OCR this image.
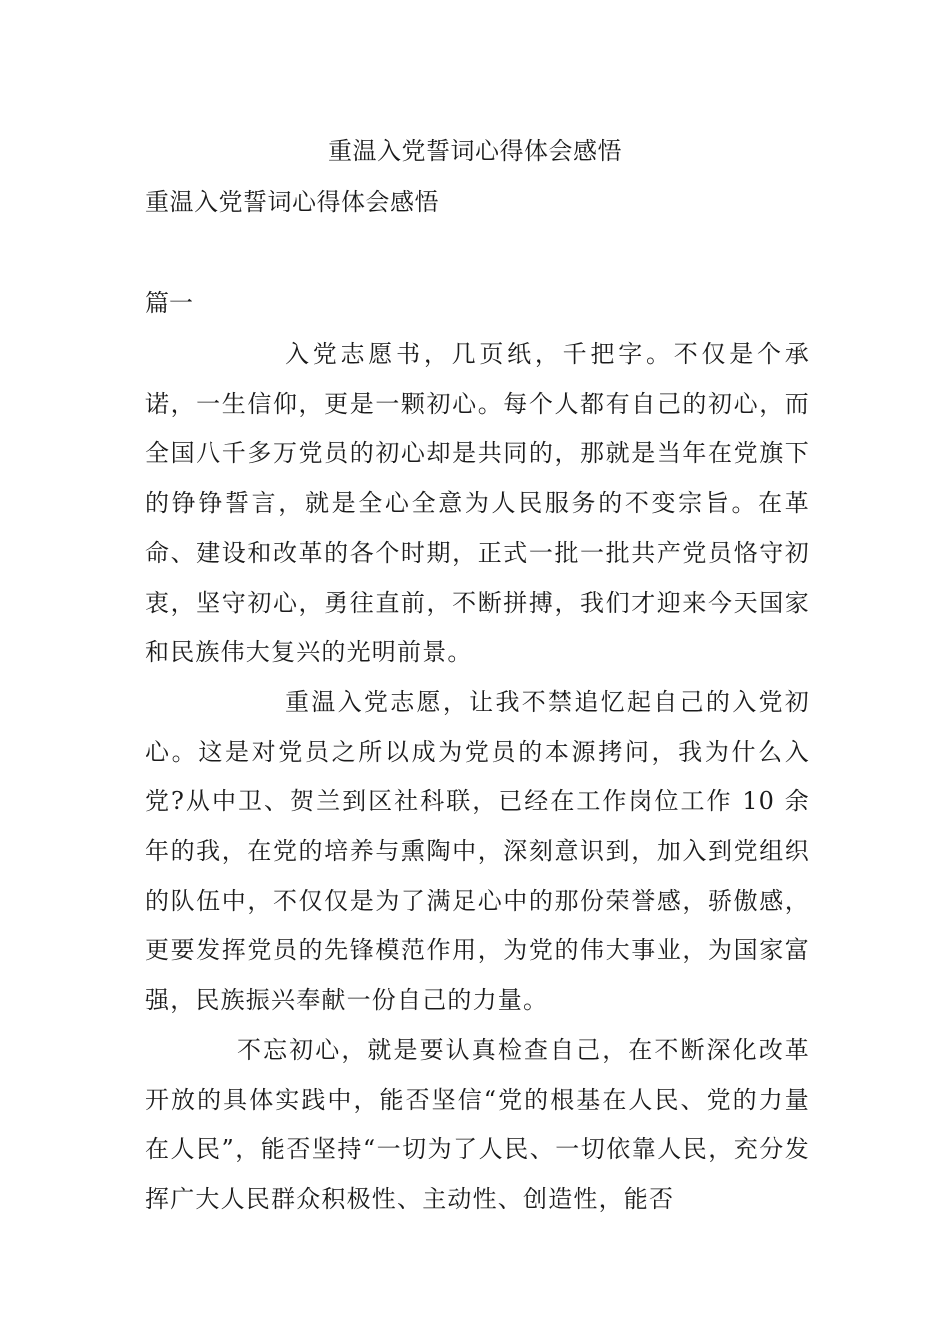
重温入党誓词心得体会感悟
重温入党誓词心得体会感悟
篇一

入党志愿书，几页纸，千把字。不仅是个承诺，一生信仰，更是一颗初心。每个人都有自己的初心，而全国八千多万党员的初心却是共同的，那就是当年在党旗下的铮铮誓言，就是全心全意为人民服务的不变宗旨。在革命、建设和改革的各个时期，正式一批一批共产党员恪守初衷，坚守初心，勇往直前，不断拼搏，我们才迎来今天国家和民族伟大复兴的光明前景。

重温入党志愿，让我不禁追忆起自己的入党初心。这是对党员之所以成为党员的本源拷问，我为什么入党?从中卫、贺兰到区社科联，已经在工作岗位工作 10 余年的我，在党的培养与熏陶中，深刻意识到，加入到党组织的队伍中，不仅仅是为了满足心中的那份荣誉感，骄傲感，更要发挥党员的先锋模范作用，为党的伟大事业，为国家富强，民族振兴奉献一份自己的力量。

不忘初心，就是要认真检查自己，在不断深化改革开放的具体实践中，能否坚信“党的根基在人民、党的力量在人民”，能否坚持“一切为了人民、一切依靠人民，充分发挥广大人民群众积极性、主动性、创造性，能否
